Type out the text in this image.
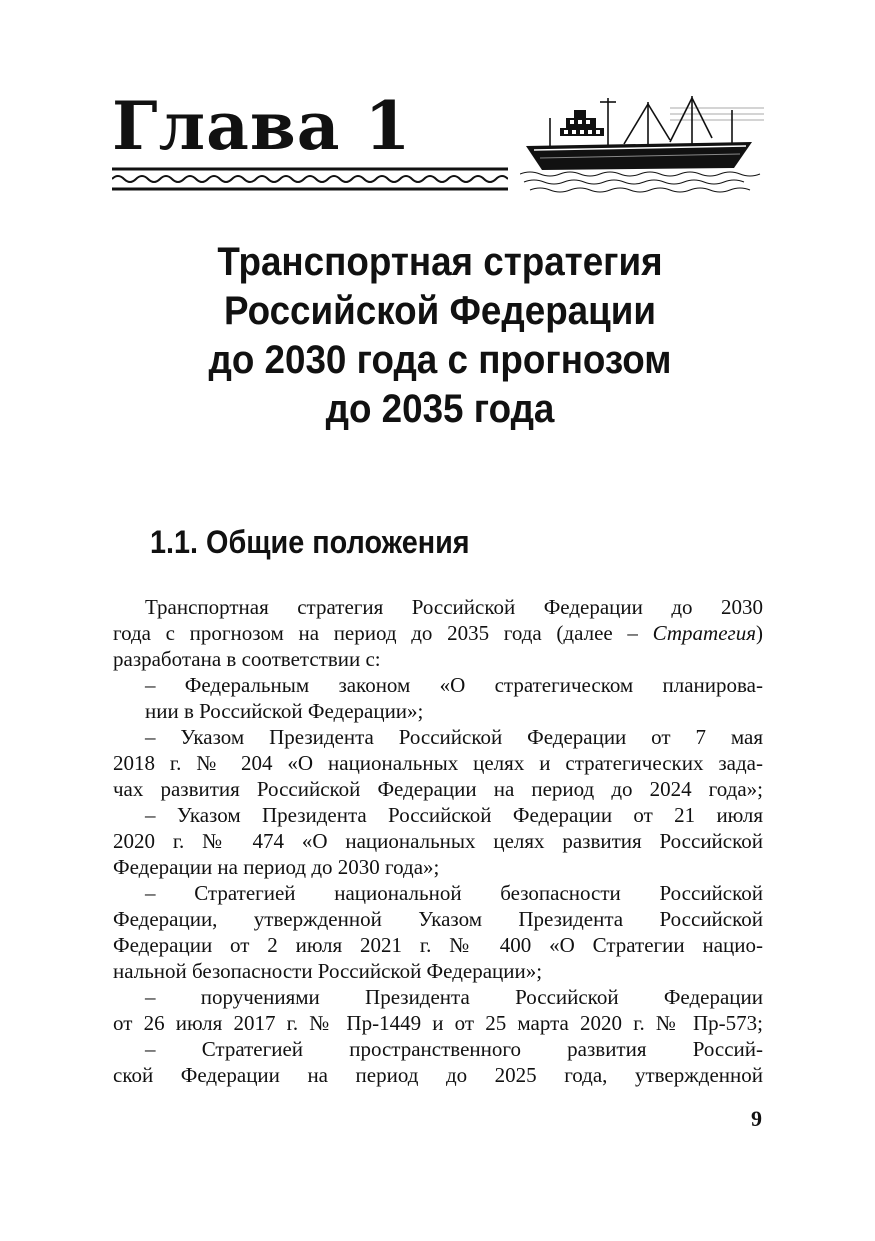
Глава 1
Транспортная стратегия
Российской Федерации
до 2030 года с прогнозом
до 2035 года
1.1. Общие положения
Транспортная стратегия Российской Федерации до 2030
года с прогнозом на период до 2035 года (далее – Стратегия)
разработана в соответствии с:
– Федеральным законом «О стратегическом планирова-
нии в Российской Федерации»;
– Указом Президента Российской Федерации от 7 мая
2018 г. № 204 «О национальных целях и стратегических зада-
чах развития Российской Федерации на период до 2024 года»;
– Указом Президента Российской Федерации от 21 июля
2020 г. № 474 «О национальных целях развития Российской
Федерации на период до 2030 года»;
– Стратегией национальной безопасности Российской
Федерации, утвержденной Указом Президента Российской
Федерации от 2 июля 2021 г. № 400 «О Стратегии нацио-
нальной безопасности Российской Федерации»;
– поручениями Президента Российской Федерации
от 26 июля 2017 г. № Пр-1449 и от 25 марта 2020 г. № Пр-573;
– Стратегией пространственного развития Россий-
ской Федерации на период до 2025 года, утвержденной
9
